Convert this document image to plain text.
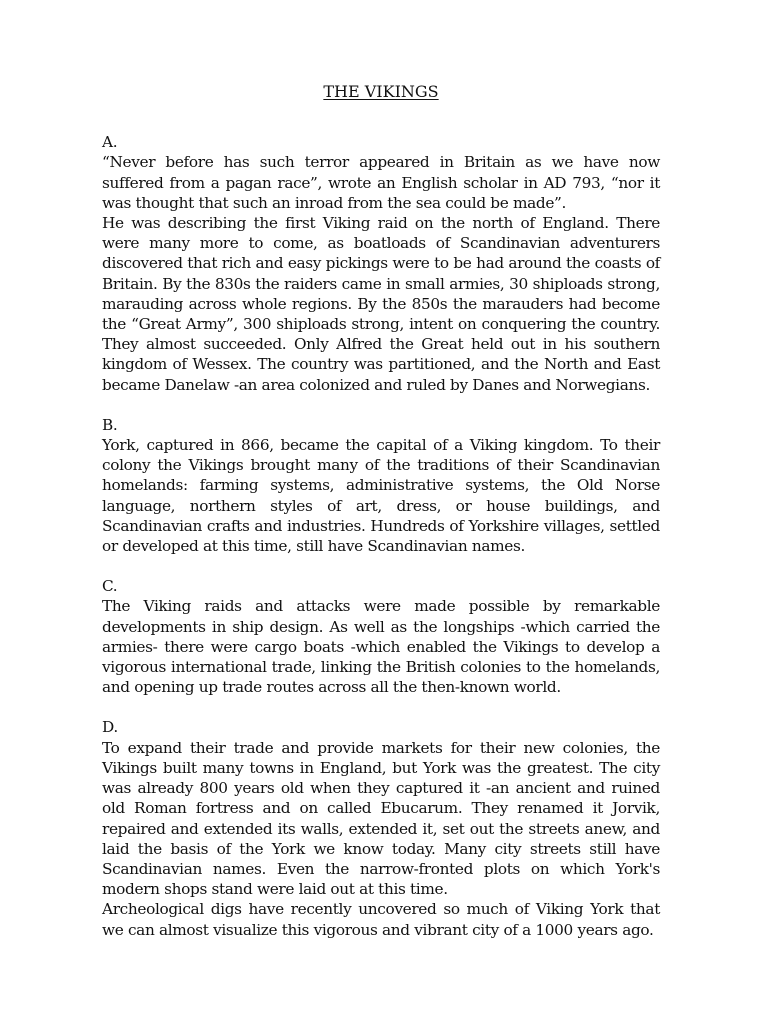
THE VIKINGS
A.

“Never before has such terror appeared in Britain as we have now suffered from a pagan race”, wrote an English scholar in AD 793, “nor it was thought that such an inroad from the sea could be made”.

He was describing the first Viking raid on the north of England. There were many more to come, as boatloads of Scandinavian adventurers discovered that rich and easy pickings were to be had around the coasts of Britain. By the 830s the raiders came in small armies, 30 shiploads strong, marauding across whole regions. By the 850s the marauders had become the “Great Army”, 300 shiploads strong, intent on conquering the country. They almost succeeded. Only Alfred the Great held out in his southern kingdom of Wessex. The country was partitioned, and the North and East became Danelaw -an area colonized and ruled by Danes and Norwegians.

B.

York, captured in 866, became the capital of a Viking kingdom. To their colony the Vikings brought many of the traditions of their Scandinavian homelands: farming systems, administrative systems, the Old Norse language, northern styles of art, dress, or house buildings, and Scandinavian crafts and industries. Hundreds of Yorkshire villages, settled or developed at this time, still have Scandinavian names.

C.

The Viking raids and attacks were made possible by remarkable developments in ship design. As well as the longships -which carried the armies- there were cargo boats -which enabled the Vikings to develop a vigorous international trade, linking the British colonies to the homelands, and opening up trade routes across all the then-known world.

D.

To expand their trade and provide markets for their new colonies, the Vikings built many towns in England, but York was the greatest. The city was already 800 years old when they captured it -an ancient and ruined old Roman fortress and on called Ebucarum. They renamed it Jorvik, repaired and extended its walls, extended it, set out the streets anew, and laid the basis of the York we know today. Many city streets still have Scandinavian names. Even the narrow-fronted plots on which York's modern shops stand were laid out at this time.

Archeological digs have recently uncovered so much of Viking York that we can almost visualize this vigorous and vibrant city of a 1000 years ago.
